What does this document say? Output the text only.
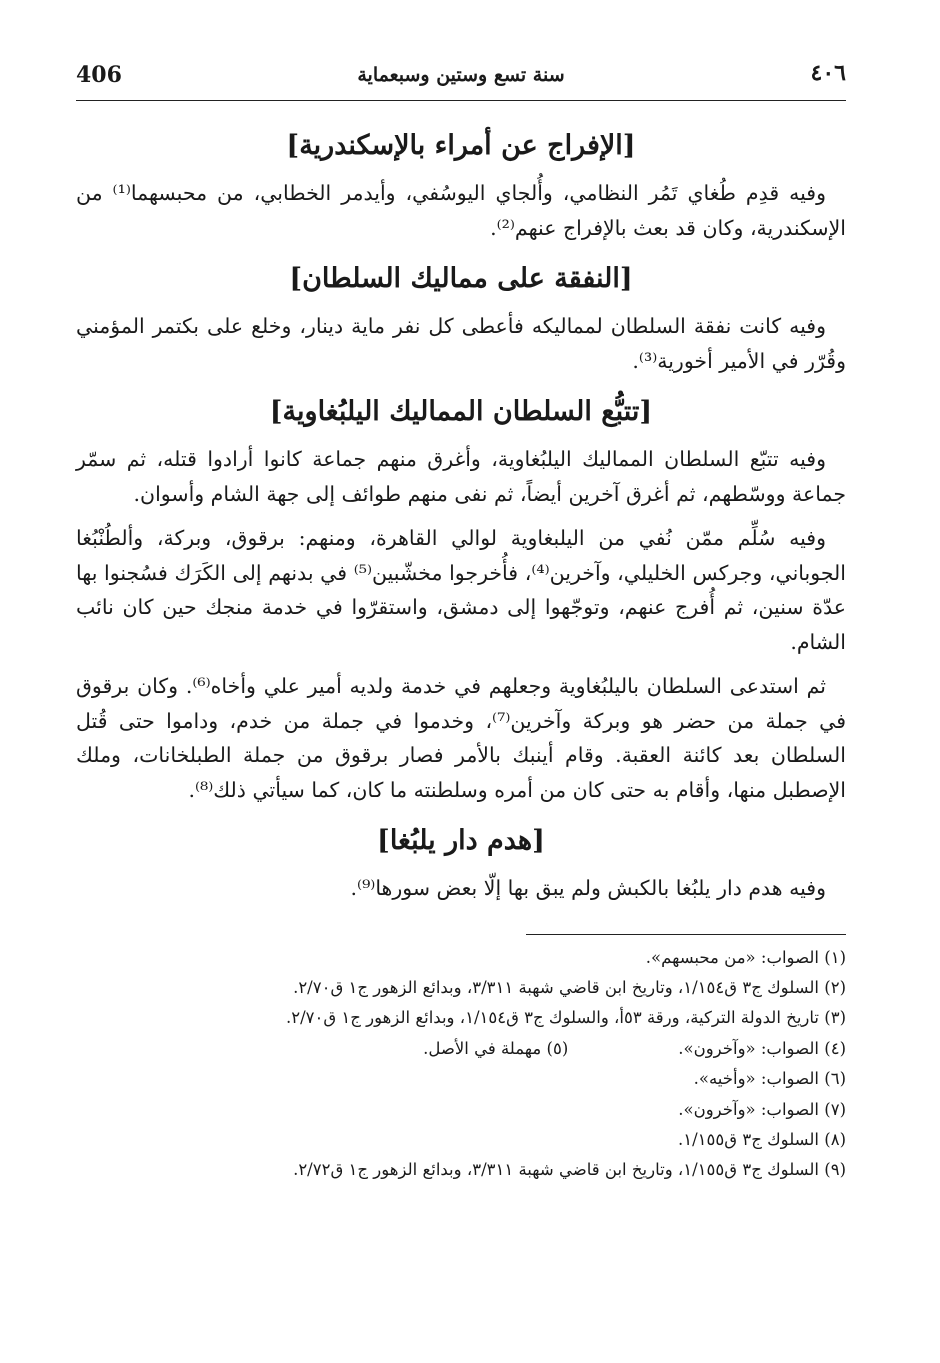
406	سنة تسع وستين وسبعماية	٤٠٦
[الإفراج عن أمراء بالإسكندرية]

وفيه قدِم طُغاي تَمُر النظامي، وأُلجاي اليوسُفي، وأيدمر الخطابي، من محبسهما⁽¹⁾ من الإسكندرية، وكان قد بعث بالإفراج عنهم⁽²⁾.

[النفقة على مماليك السلطان]

وفيه كانت نفقة السلطان لمماليكه فأعطى كل نفر ماية دينار، وخلع على بكتمر المؤمني وقُرّر في الأمير أخورية⁽³⁾.

[تتبُّع السلطان المماليك اليلبُغاوية]

وفيه تتبّع السلطان المماليك اليلبُغاوية، وأغرق منهم جماعة كانوا أرادوا قتله، ثم سمّر جماعة ووسّطهم، ثم أغرق آخرين أيضاً، ثم نفى منهم طوائف إلى جهة الشام وأسوان.

وفيه سُلِّم ممّن نُفي من اليلبغاوية لوالي القاهرة، ومنهم: برقوق، وبركة، وألطُنْبُغا الجوباني، وجركس الخليلي، وآخرين⁽⁴⁾، فأُخرجوا مخشّبين⁽⁵⁾ في بدنهم إلى الكَرَك فسُجنوا بها عدّة سنين، ثم أُفرج عنهم، وتوجّهوا إلى دمشق، واستقرّوا في خدمة منجك حين كان نائب الشام.

ثم استدعى السلطان باليلبُغاوية وجعلهم في خدمة ولديه أمير علي وأخاه⁽⁶⁾. وكان برقوق في جملة من حضر هو وبركة وآخرين⁽⁷⁾، وخدموا في جملة من خدم، وداموا حتى قُتل السلطان بعد كائنة العقبة. وقام أينبك بالأمر فصار برقوق من جملة الطبلخانات، وملك الإصطبل منها، وأقام به حتى كان من أمره وسلطنته ما كان، كما سيأتي ذلك⁽⁸⁾.

[هدم دار يلبُغا]

وفيه هدم دار يلبُغا بالكبش ولم يبق بها إلّا بعض سورها⁽⁹⁾.

(١) الصواب: «من محبسهم».
(٢) السلوك ج٣ ق١/١٥٤، وتاريخ ابن قاضي شهبة ٣/٣١١، وبدائع الزهور ج١ ق٢/٧٠.
(٣) تاريخ الدولة التركية، ورقة ٥٣أ، والسلوك ج٣ ق١/١٥٤، وبدائع الزهور ج١ ق٢/٧٠.
(٤) الصواب: «وآخرون».
(٥) مهملة في الأصل.
(٦) الصواب: «وأخيه».
(٧) الصواب: «وآخرون».
(٨) السلوك ج٣ ق١/١٥٥.
(٩) السلوك ج٣ ق١/١٥٥، وتاريخ ابن قاضي شهبة ٣/٣١١، وبدائع الزهور ج١ ق٢/٧٢.
